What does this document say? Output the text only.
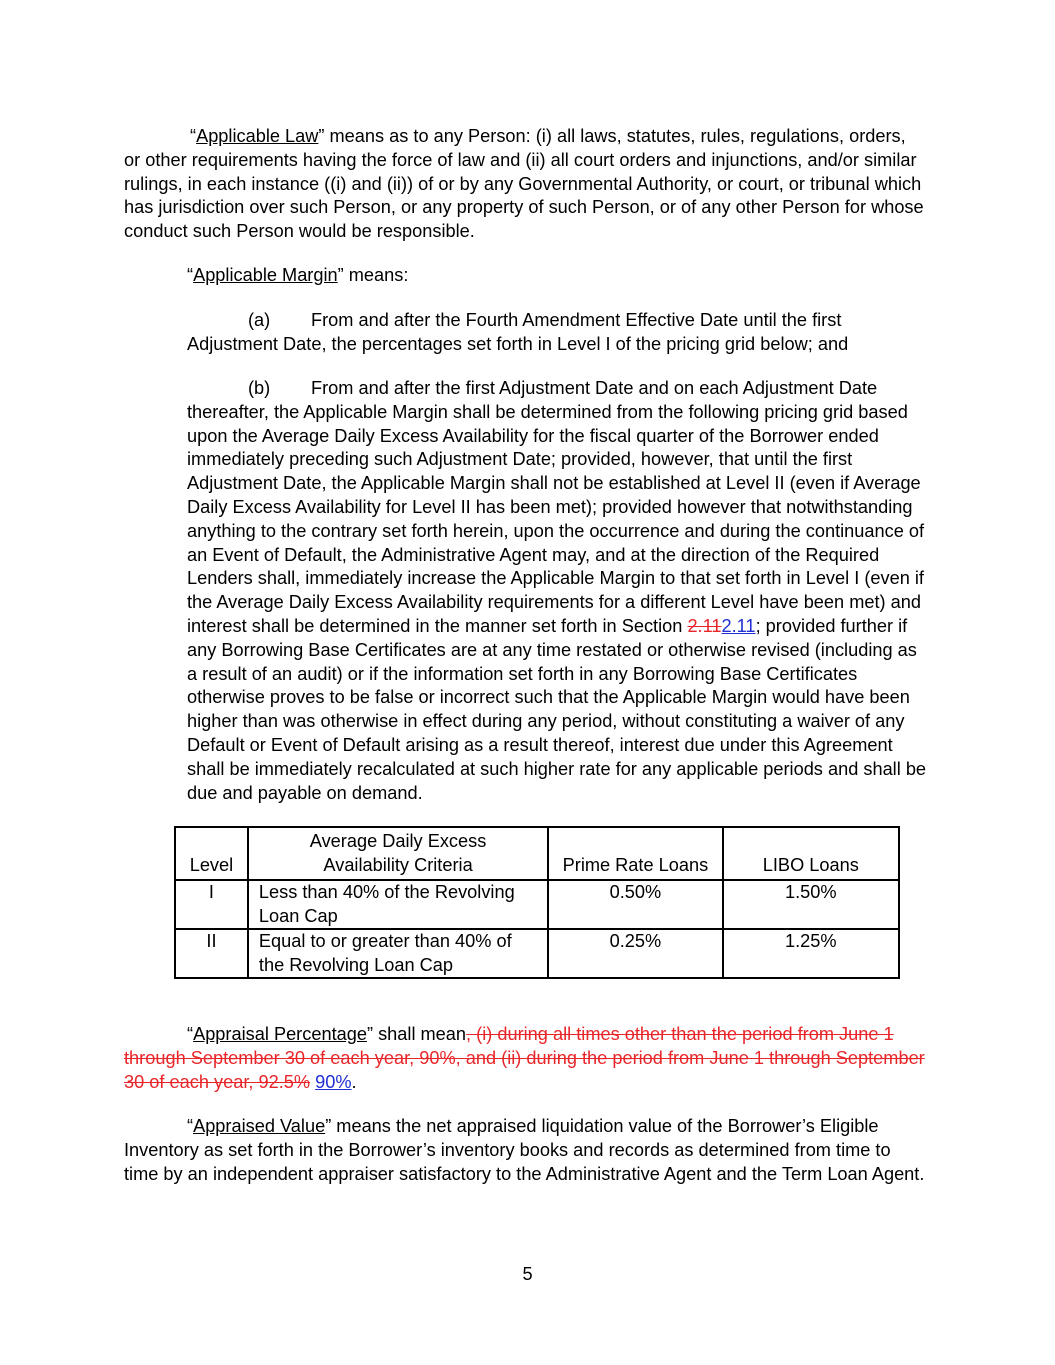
“Applicable Law” means as to any Person: (i) all laws, statutes, rules, regulations, orders, or other requirements having the force of law and (ii) all court orders and injunctions, and/or similar rulings, in each instance ((i) and (ii)) of or by any Governmental Authority, or court, or tribunal which has jurisdiction over such Person, or any property of such Person, or of any other Person for whose conduct such Person would be responsible.

“Applicable Margin” means:

(a) From and after the Fourth Amendment Effective Date until the first Adjustment Date, the percentages set forth in Level I of the pricing grid below; and

(b) From and after the first Adjustment Date and on each Adjustment Date thereafter, the Applicable Margin shall be determined from the following pricing grid based upon the Average Daily Excess Availability for the fiscal quarter of the Borrower ended immediately preceding such Adjustment Date; provided, however, that until the first Adjustment Date, the Applicable Margin shall not be established at Level II (even if Average Daily Excess Availability for Level II has been met); provided however that notwithstanding anything to the contrary set forth herein, upon the occurrence and during the continuance of an Event of Default, the Administrative Agent may, and at the direction of the Required Lenders shall, immediately increase the Applicable Margin to that set forth in Level I (even if the Average Daily Excess Availability requirements for a different Level have been met) and interest shall be determined in the manner set forth in Section 2.112.11; provided further if any Borrowing Base Certificates are at any time restated or otherwise revised (including as a result of an audit) or if the information set forth in any Borrowing Base Certificates otherwise proves to be false or incorrect such that the Applicable Margin would have been higher than was otherwise in effect during any period, without constituting a waiver of any Default or Event of Default arising as a result thereof, interest due under this Agreement shall be immediately recalculated at such higher rate for any applicable periods and shall be due and payable on demand.

Level	Average Daily Excess Availability Criteria	Prime Rate Loans	LIBO Loans
I	Less than 40% of the Revolving Loan Cap	0.50%	1.50%
II	Equal to or greater than 40% of the Revolving Loan Cap	0.25%	1.25%

“Appraisal Percentage” shall mean, (i) during all times other than the period from June 1 through September 30 of each year, 90%, and (ii) during the period from June 1 through September 30 of each year, 92.5% 90%.

“Appraised Value” means the net appraised liquidation value of the Borrower’s Eligible Inventory as set forth in the Borrower’s inventory books and records as determined from time to time by an independent appraiser satisfactory to the Administrative Agent and the Term Loan Agent.

5
